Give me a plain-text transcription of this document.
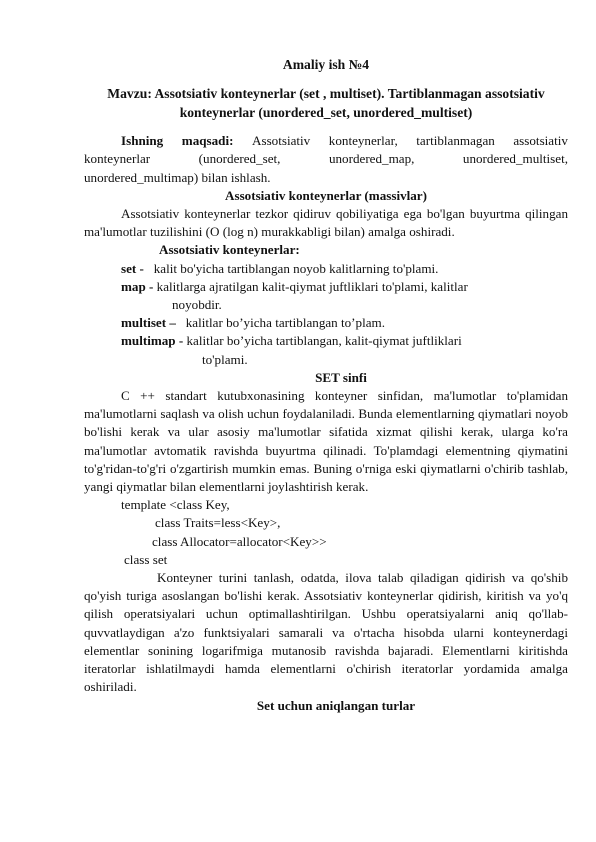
Amaliy ish №4

Mavzu: Assotsiativ konteynerlar (set , multiset). Tartiblanmagan assotsiativ
konteynerlar (unordered_set, unordered_multiset)
Ishning maqsadi: Assotsiativ konteynerlar, tartiblanmagan assotsiativ
konteynerlar	(unordered_set,	unordered_map,	unordered_multiset,
unordered_multimap) bilan ishlash.

Assotsiativ konteynerlar (massivlar)

Assotsiativ konteynerlar tezkor qidiruv qobiliyatiga ega bo'lgan buyurtma qilingan ma'lumotlar tuzilishini (O (log n) murakkabligi bilan) amalga oshiradi.

Assotsiativ konteynerlar:

set - kalit bo'yicha tartiblangan noyob kalitlarning to'plami.
map - kalitlarga ajratilgan kalit-qiymat juftliklari to'plami, kalitlar
noyobdir.
multiset – kalitlar bo’yicha tartiblangan to’plam.
multimap - kalitlar bo’yicha tartiblangan, kalit-qiymat juftliklari
to'plami.

SET sinfi

C ++ standart kutubxonasining konteyner sinfidan, ma'lumotlar to'plamidan ma'lumotlarni saqlash va olish uchun foydalaniladi. Bunda elementlarning qiymatlari noyob bo'lishi kerak va ular asosiy ma'lumotlar sifatida xizmat qilishi kerak, ularga ko'ra ma'lumotlar avtomatik ravishda buyurtma qilinadi. To'plamdagi elementning qiymatini to'g'ridan-to'g'ri o'zgartirish mumkin emas. Buning o'rniga eski qiymatlarni o'chirib tashlab, yangi qiymatlar bilan elementlarni joylashtirish kerak.

template <class Key,
class Traits=less<Key>,
class Allocator=allocator<Key>>
class set

Konteyner turini tanlash, odatda, ilova talab qiladigan qidirish va qo'shib qo'yish turiga asoslangan bo'lishi kerak. Assotsiativ konteynerlar qidirish, kiritish va yo'q qilish operatsiyalari uchun optimallashtirilgan. Ushbu operatsiyalarni aniq qo'llab-quvvatlaydigan a'zo funktsiyalari samarali va o'rtacha hisobda ularni konteynerdagi elementlar sonining logarifmiga mutanosib ravishda bajaradi. Elementlarni kiritishda iteratorlar ishlatilmaydi hamda elementlarni o'chirish iteratorlar yordamida amalga oshiriladi.

Set uchun aniqlangan turlar
